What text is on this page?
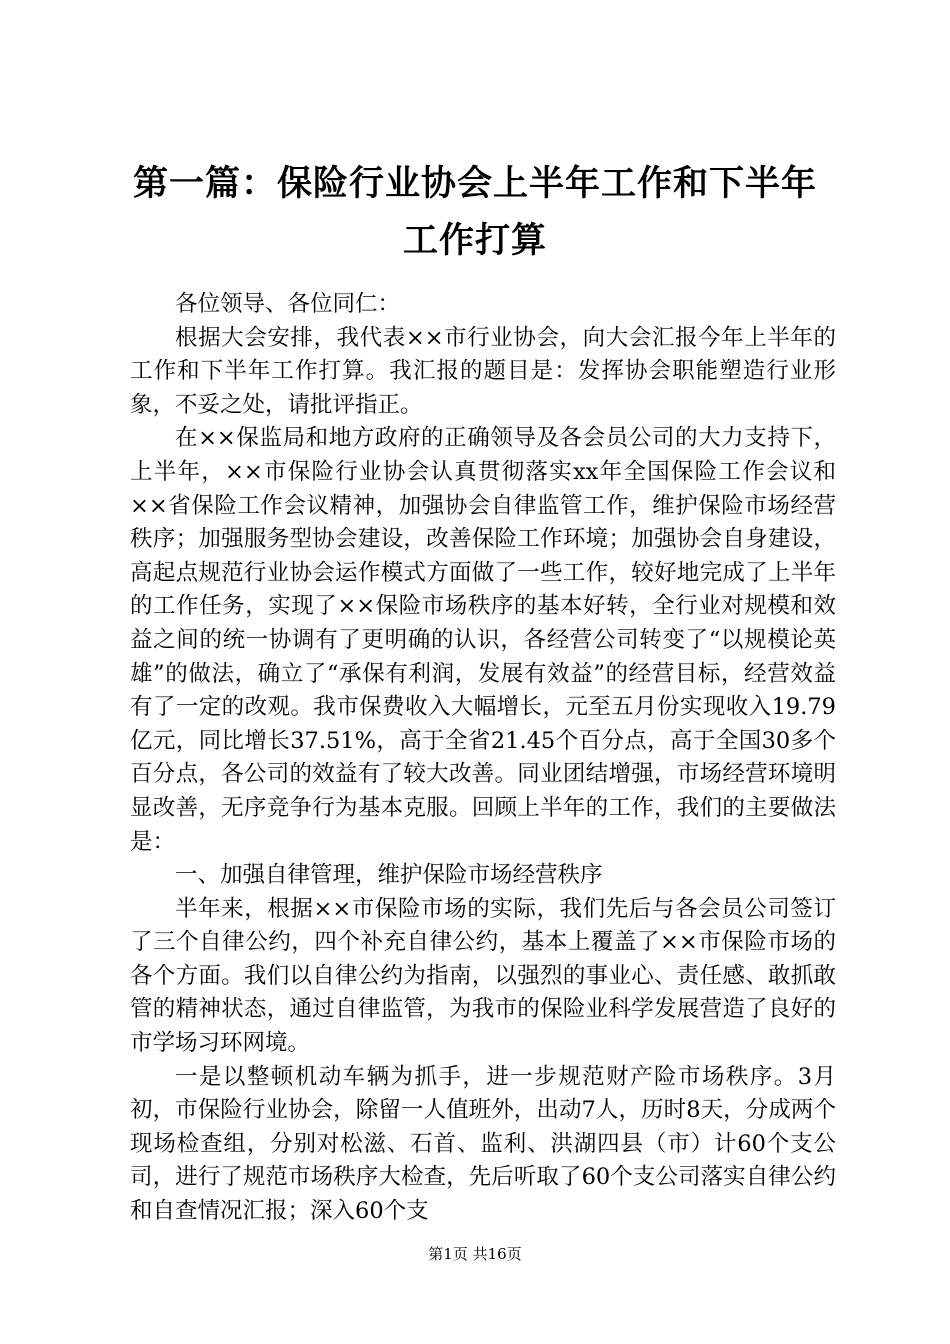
第一篇：保险行业协会上半年工作和下半年工作打算

各位领导、各位同仁：

根据大会安排，我代表××市行业协会，向大会汇报今年上半年的工作和下半年工作打算。我汇报的题目是：发挥协会职能塑造行业形象，不妥之处，请批评指正。

在××保监局和地方政府的正确领导及各会员公司的大力支持下，上半年，××市保险行业协会认真贯彻落实xx年全国保险工作会议和××省保险工作会议精神，加强协会自律监管工作，维护保险市场经营秩序；加强服务型协会建设，改善保险工作环境；加强协会自身建设，高起点规范行业协会运作模式方面做了一些工作，较好地完成了上半年的工作任务，实现了××保险市场秩序的基本好转，全行业对规模和效益之间的统一协调有了更明确的认识，各经营公司转变了“以规模论英雄”的做法，确立了“承保有利润，发展有效益”的经营目标，经营效益有了一定的改观。我市保费收入大幅增长，元至五月份实现收入19.79亿元，同比增长37.51%，高于全省21.45个百分点，高于全国30多个百分点，各公司的效益有了较大改善。同业团结增强，市场经营环境明显改善，无序竞争行为基本克服。回顾上半年的工作，我们的主要做法是：

一、加强自律管理，维护保险市场经营秩序

半年来，根据××市保险市场的实际，我们先后与各会员公司签订了三个自律公约，四个补充自律公约，基本上覆盖了××市保险市场的各个方面。我们以自律公约为指南，以强烈的事业心、责任感、敢抓敢管的精神状态，通过自律监管，为我市的保险业科学发展营造了良好的市学场习环网境。

一是以整顿机动车辆为抓手，进一步规范财产险市场秩序。3月初，市保险行业协会，除留一人值班外，出动7人，历时8天，分成两个现场检查组，分别对松滋、石首、监利、洪湖四县（市）计60个支公司，进行了规范市场秩序大检查，先后听取了60个支公司落实自律公约和自查情况汇报；深入60个支

第1页 共16页
